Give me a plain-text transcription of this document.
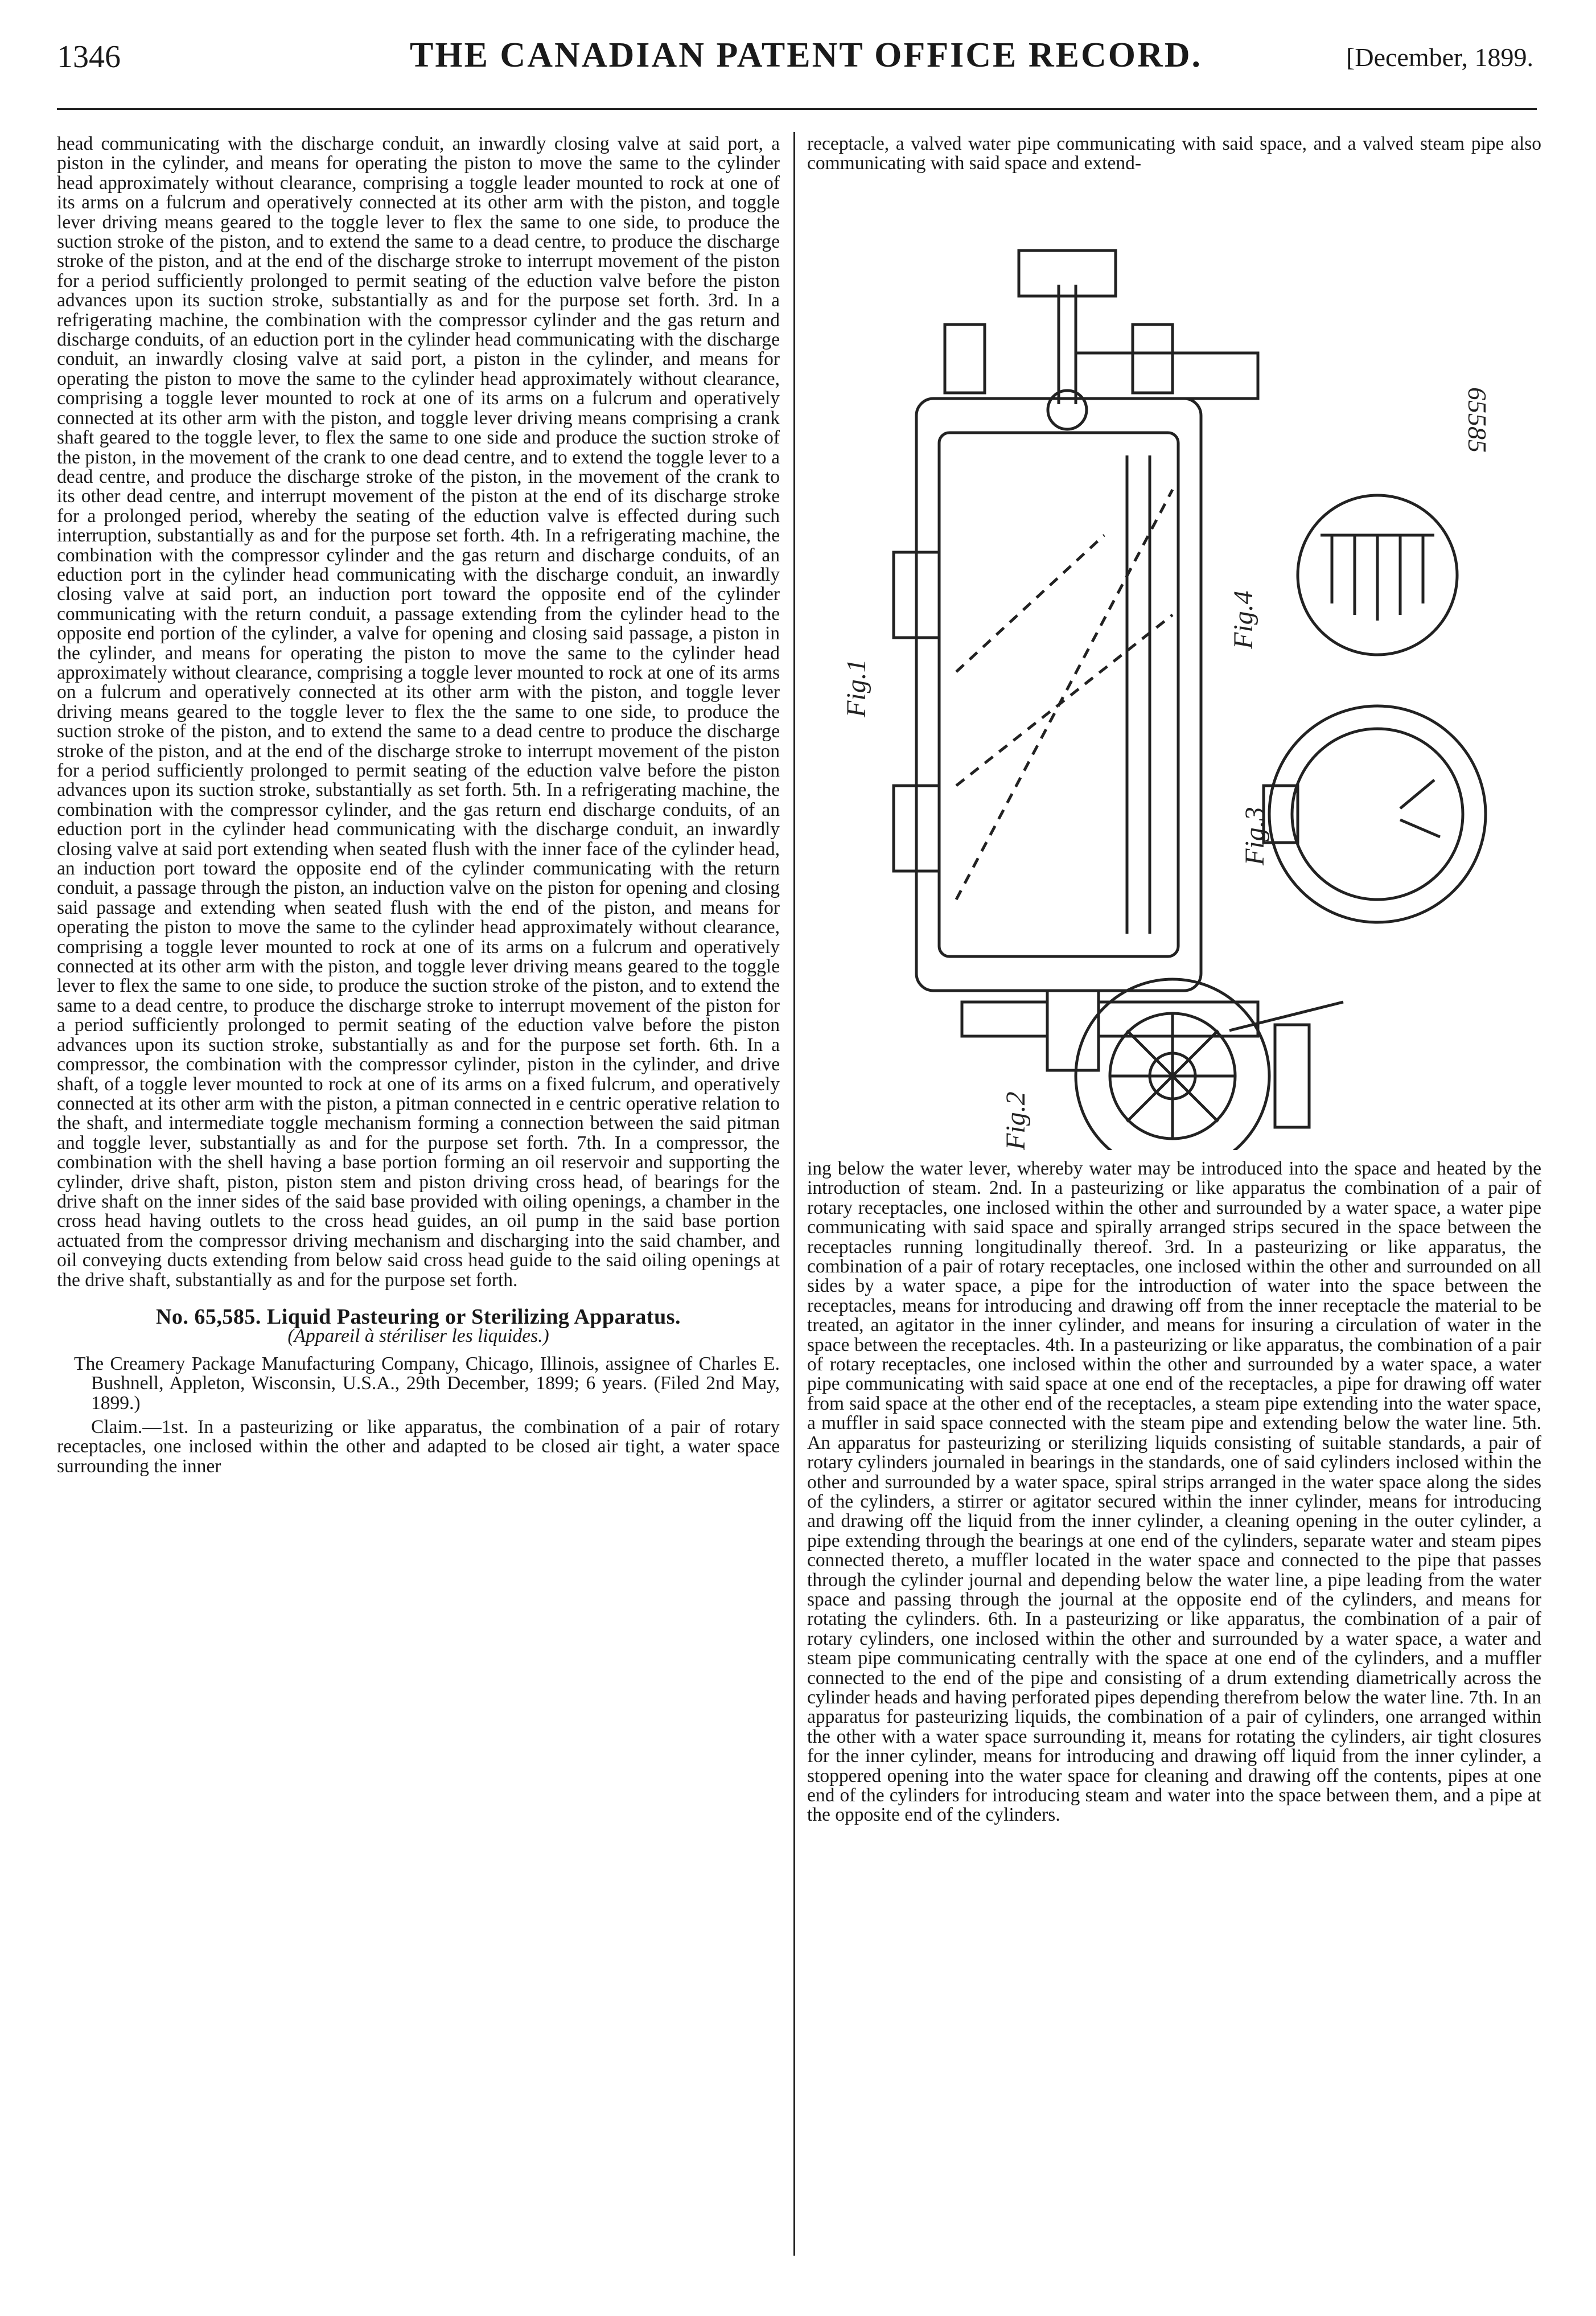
1346	THE CANADIAN PATENT OFFICE RECORD.	[December, 1899.

head communicating with the discharge conduit, an inwardly closing valve at said port, a piston in the cylinder, and means for operating the piston to move the same to the cylinder head approximately without clearance, comprising a toggle leader mounted to rock at one of its arms on a fulcrum and operatively connected at its other arm with the piston, and toggle lever driving means geared to the toggle lever to flex the same to one side, to produce the suction stroke of the piston, and to extend the same to a dead centre, to produce the discharge stroke of the piston, and at the end of the discharge stroke to interrupt movement of the piston for a period sufficiently prolonged to permit seating of the eduction valve before the piston advances upon its suction stroke, substantially as and for the purpose set forth. 3rd. In a refrigerating machine, the combination with the compressor cylinder and the gas return and discharge conduits, of an eduction port in the cylinder head communicating with the discharge conduit, an inwardly closing valve at said port, a piston in the cylinder, and means for operating the piston to move the same to the cylinder head approximately without clearance, comprising a toggle lever mounted to rock at one of its arms on a fulcrum and operatively connected at its other arm with the piston, and toggle lever driving means comprising a crank shaft geared to the toggle lever, to flex the same to one side and produce the suction stroke of the piston, in the movement of the crank to one dead centre, and to extend the toggle lever to a dead centre, and produce the discharge stroke of the piston, in the movement of the crank to its other dead centre, and interrupt movement of the piston at the end of its discharge stroke for a prolonged period, whereby the seating of the eduction valve is effected during such interruption, substantially as and for the purpose set forth. 4th. In a refrigerating machine, the combination with the compressor cylinder and the gas return and discharge conduits, of an eduction port in the cylinder head communicating with the discharge conduit, an inwardly closing valve at said port, an induction port toward the opposite end of the cylinder communicating with the return conduit, a passage extending from the cylinder head to the opposite end portion of the cylinder, a valve for opening and closing said passage, a piston in the cylinder, and means for operating the piston to move the same to the cylinder head approximately without clearance, comprising a toggle lever mounted to rock at one of its arms on a fulcrum and operatively connected at its other arm with the piston, and toggle lever driving means geared to the toggle lever to flex the the same to one side, to produce the suction stroke of the piston, and to extend the same to a dead centre to produce the discharge stroke of the piston, and at the end of the discharge stroke to interrupt movement of the piston for a period sufficiently prolonged to permit seating of the eduction valve before the piston advances upon its suction stroke, substantially as set forth. 5th. In a refrigerating machine, the combination with the compressor cylinder, and the gas return end discharge conduits, of an eduction port in the cylinder head communicating with the discharge conduit, an inwardly closing valve at said port extending when seated flush with the inner face of the cylinder head, an induction port toward the opposite end of the cylinder communicating with the return conduit, a passage through the piston, an induction valve on the piston for opening and closing said passage and extending when seated flush with the end of the piston, and means for operating the piston to move the same to the cylinder head approximately without clearance, comprising a toggle lever mounted to rock at one of its arms on a fulcrum and operatively connected at its other arm with the piston, and toggle lever driving means geared to the toggle lever to flex the same to one side, to produce the suction stroke of the piston, and to extend the same to a dead centre, to produce the discharge stroke to interrupt movement of the piston for a period sufficiently prolonged to permit seating of the eduction valve before the piston advances upon its suction stroke, substantially as and for the purpose set forth. 6th. In a compressor, the combination with the compressor cylinder, piston in the cylinder, and drive shaft, of a toggle lever mounted to rock at one of its arms on a fixed fulcrum, and operatively connected at its other arm with the piston, a pitman connected in e centric operative relation to the shaft, and intermediate toggle mechanism forming a connection between the said pitman and toggle lever, substantially as and for the purpose set forth. 7th. In a compressor, the combination with the shell having a base portion forming an oil reservoir and supporting the cylinder, drive shaft, piston, piston stem and piston driving cross head, of bearings for the drive shaft on the inner sides of the said base provided with oiling openings, a chamber in the cross head having outlets to the cross head guides, an oil pump in the said base portion actuated from the compressor driving mechanism and discharging into the said chamber, and oil conveying ducts extending from below said cross head guide to the said oiling openings at the drive shaft, substantially as and for the purpose set forth.

No. 65,585. Liquid Pasteuring or Sterilizing Apparatus.

(Appareil à stériliser les liquides.)

The Creamery Package Manufacturing Company, Chicago, Illinois, assignee of Charles E. Bushnell, Appleton, Wisconsin, U.S.A., 29th December, 1899; 6 years. (Filed 2nd May, 1899.)

Claim.—1st. In a pasteurizing or like apparatus, the combination of a pair of rotary receptacles, one inclosed within the other and adapted to be closed air tight, a water space surrounding the inner

receptacle, a valved water pipe communicating with said space, and a valved steam pipe also communicating with said space and extend-

Fig.1
Fig.2
Fig.3
Fig.4
65585

ing below the water lever, whereby water may be introduced into the space and heated by the introduction of steam. 2nd. In a pasteurizing or like apparatus the combination of a pair of rotary receptacles, one inclosed within the other and surrounded by a water space, a water pipe communicating with said space and spirally arranged strips secured in the space between the receptacles running longitudinally thereof. 3rd. In a pasteurizing or like apparatus, the combination of a pair of rotary receptacles, one inclosed within the other and surrounded on all sides by a water space, a pipe for the introduction of water into the space between the receptacles, means for introducing and drawing off from the inner receptacle the material to be treated, an agitator in the inner cylinder, and means for insuring a circulation of water in the space between the receptacles. 4th. In a pasteurizing or like apparatus, the combination of a pair of rotary receptacles, one inclosed within the other and surrounded by a water space, a water pipe communicating with said space at one end of the receptacles, a pipe for drawing off water from said space at the other end of the receptacles, a steam pipe extending into the water space, a muffler in said space connected with the steam pipe and extending below the water line. 5th. An apparatus for pasteurizing or sterilizing liquids consisting of suitable standards, a pair of rotary cylinders journaled in bearings in the standards, one of said cylinders inclosed within the other and surrounded by a water space, spiral strips arranged in the water space along the sides of the cylinders, a stirrer or agitator secured within the inner cylinder, means for introducing and drawing off the liquid from the inner cylinder, a cleaning opening in the outer cylinder, a pipe extending through the bearings at one end of the cylinders, separate water and steam pipes connected thereto, a muffler located in the water space and connected to the pipe that passes through the cylinder journal and depending below the water line, a pipe leading from the water space and passing through the journal at the opposite end of the cylinders, and means for rotating the cylinders. 6th. In a pasteurizing or like apparatus, the combination of a pair of rotary cylinders, one inclosed within the other and surrounded by a water space, a water and steam pipe communicating centrally with the space at one end of the cylinders, and a muffler connected to the end of the pipe and consisting of a drum extending diametrically across the cylinder heads and having perforated pipes depending therefrom below the water line. 7th. In an apparatus for pasteurizing liquids, the combination of a pair of cylinders, one arranged within the other with a water space surrounding it, means for rotating the cylinders, air tight closures for the inner cylinder, means for introducing and drawing off liquid from the inner cylinder, a stoppered opening into the water space for cleaning and drawing off the contents, pipes at one end of the cylinders for introducing steam and water into the space between them, and a pipe at the opposite end of the cylinders.
